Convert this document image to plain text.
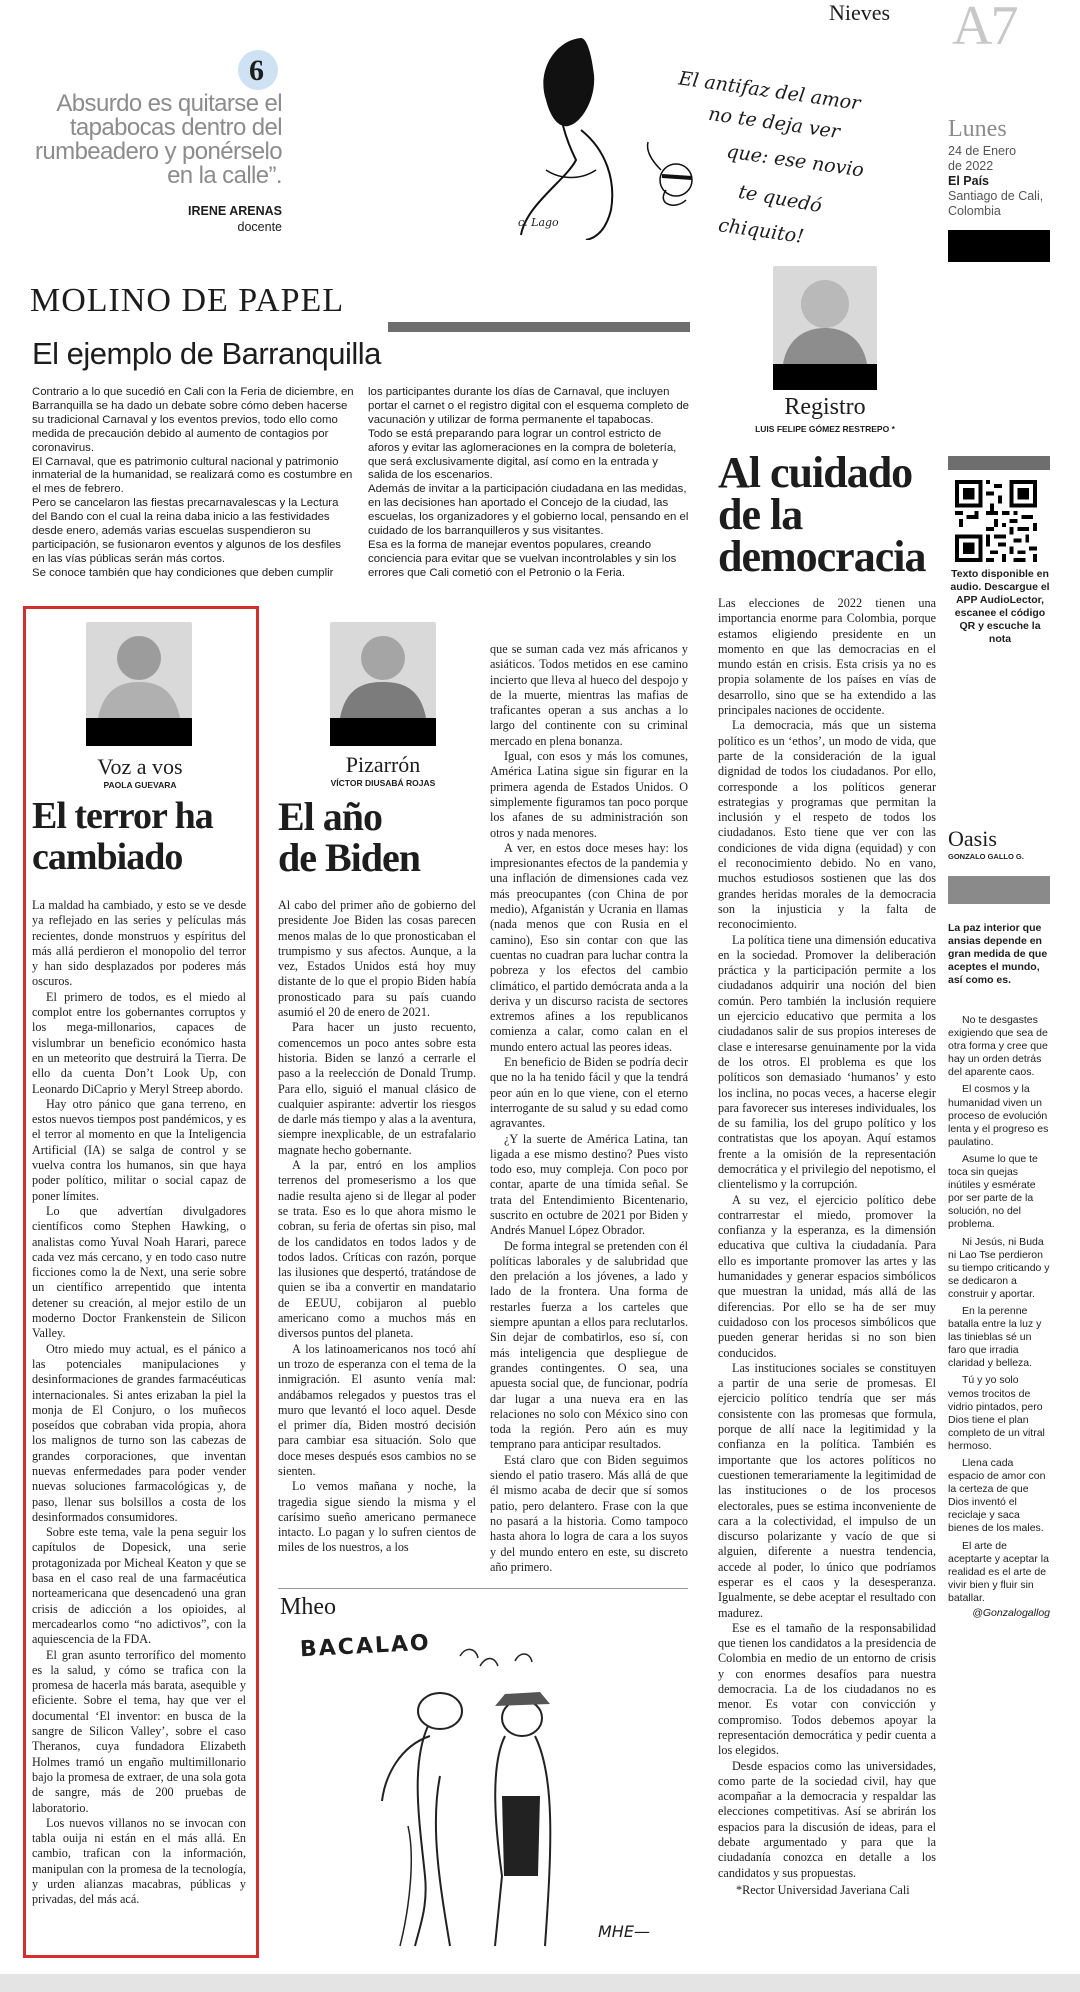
Nieves A7
6
Absurdo es quitarse el tapabocas dentro del rumbeadero y ponérselo en la calle”.
IRENE ARENAS
docente
El antifaz del amor
no te deja ver
que: ese novio
te quedó
chiquito!
c. Lago
Lunes
24 de Enero
de 2022
El País
Santiago de Cali,
Colombia
MOLINO DE PAPEL
El ejemplo de Barranquilla

Contrario a lo que sucedió en Cali con la Feria de diciembre, en Barranquilla se ha dado un debate sobre cómo deben hacerse su tradicional Carnaval y los eventos previos, todo ello como medida de precaución debido al aumento de contagios por coronavirus.

El Carnaval, que es patrimonio cultural nacional y patrimonio inmaterial de la humanidad, se realizará como es costumbre en el mes de febrero.

Pero se cancelaron las fiestas precarnavalescas y la Lectura del Bando con el cual la reina daba inicio a las festividades desde enero, además varias escuelas suspendieron su participación, se fusionaron eventos y algunos de los desfiles en las vías públicas serán más cortos.

Se conoce también que hay condiciones que deben cumplir

los participantes durante los días de Carnaval, que incluyen portar el carnet o el registro digital con el esquema completo de vacunación y utilizar de forma permanente el tapabocas.

Todo se está preparando para lograr un control estricto de aforos y evitar las aglomeraciones en la compra de boletería, que será exclusivamente digital, así como en la entrada y salida de los escenarios.

Además de invitar a la participación ciudadana en las medidas, en las decisiones han aportado el Concejo de la ciudad, las escuelas, los organizadores y el gobierno local, pensando en el cuidado de los barranquilleros y sus visitantes.

Esa es la forma de manejar eventos populares, creando conciencia para evitar que se vuelvan incontrolables y sin los errores que Cali cometió con el Petronio o la Feria.

Registro
LUIS FELIPE GÓMEZ RESTREPO *
Al cuidado
de la
democracia

Las elecciones de 2022 tienen una importancia enorme para Colombia, porque estamos eligiendo presidente en un momento en que las democracias en el mundo están en crisis. Esta crisis ya no es propia solamente de los países en vías de desarrollo, sino que se ha extendido a las principales naciones de occidente.

La democracia, más que un sistema político es un ‘ethos’, un modo de vida, que parte de la consideración de la igual dignidad de todos los ciudadanos. Por ello, corresponde a los políticos generar estrategias y programas que permitan la inclusión y el respeto de todos los ciudadanos. Esto tiene que ver con las condiciones de vida digna (equidad) y con el reconocimiento debido. No en vano, muchos estudiosos sostienen que las dos grandes heridas morales de la democracia son la injusticia y la falta de reconocimiento.

La política tiene una dimensión educativa en la sociedad. Promover la deliberación práctica y la participación permite a los ciudadanos adquirir una noción del bien común. Pero también la inclusión requiere un ejercicio educativo que permita a los ciudadanos salir de sus propios intereses de clase e interesarse genuinamente por la vida de los otros. El problema es que los políticos son demasiado ‘humanos’ y esto los inclina, no pocas veces, a hacerse elegir para favorecer sus intereses individuales, los de su familia, los del grupo político y los contratistas que los apoyan. Aquí estamos frente a la omisión de la representación democrática y el privilegio del nepotismo, el clientelismo y la corrupción.

A su vez, el ejercicio político debe contrarrestar el miedo, promover la confianza y la esperanza, es la dimensión educativa que cultiva la ciudadanía. Para ello es importante promover las artes y las humanidades y generar espacios simbólicos que muestran la unidad, más allá de las diferencias. Por ello se ha de ser muy cuidadoso con los procesos simbólicos que pueden generar heridas si no son bien conducidos.

Las instituciones sociales se constituyen a partir de una serie de promesas. El ejercicio político tendría que ser más consistente con las promesas que formula, porque de allí nace la legitimidad y la confianza en la política. También es importante que los actores políticos no cuestionen temerariamente la legitimidad de las instituciones o de los procesos electorales, pues se estima inconveniente de cara a la colectividad, el impulso de un discurso polarizante y vacío de que si alguien, diferente a nuestra tendencia, accede al poder, lo único que podríamos esperar es el caos y la desesperanza. Igualmente, se debe aceptar el resultado con madurez.

Ese es el tamaño de la responsabilidad que tienen los candidatos a la presidencia de Colombia en medio de un entorno de crisis y con enormes desafíos para nuestra democracia. La de los ciudadanos no es menor. Es votar con convicción y compromiso. Todos debemos apoyar la representación democrática y pedir cuenta a los elegidos.

Desde espacios como las universidades, como parte de la sociedad civil, hay que acompañar a la democracia y respaldar las elecciones competitivas. Así se abrirán los espacios para la discusión de ideas, para el debate argumentado y para que la ciudadanía conozca en detalle a los candidatos y sus propuestas.

*Rector Universidad Javeriana Cali
Texto disponible en
audio. Descargue el
APP AudioLector,
escanee el código
QR y escuche la
nota
Oasis
GONZALO GALLO G.
La paz interior que ansias depende en gran medida de que aceptes el mundo, así como es.

No te desgastes exigiendo que sea de otra forma y cree que hay un orden detrás del aparente caos.

El cosmos y la humanidad viven un proceso de evolución lenta y el progreso es paulatino.

Asume lo que te toca sin quejas inútiles y esmérate por ser parte de la solución, no del problema.

Ni Jesús, ni Buda ni Lao Tse perdieron su tiempo criticando y se dedicaron a construir y aportar.

En la perenne batalla entre la luz y las tinieblas sé un faro que irradia claridad y belleza.

Tú y yo solo vemos trocitos de vidrio pintados, pero Dios tiene el plan completo de un vitral hermoso.

Llena cada espacio de amor con la certeza de que Dios inventó el reciclaje y saca bienes de los males.

El arte de aceptarte y aceptar la realidad es el arte de vivir bien y fluir sin batallar.

@Gonzalogallog
Voz a vos
PAOLA GUEVARA
El terror ha
cambiado

La maldad ha cambiado, y esto se ve desde ya reflejado en las series y películas más recientes, donde monstruos y espíritus del más allá perdieron el monopolio del terror y han sido desplazados por poderes más oscuros.

El primero de todos, es el miedo al complot entre los gobernantes corruptos y los mega-millonarios, capaces de vislumbrar un beneficio económico hasta en un meteorito que destruirá la Tierra. De ello da cuenta Don’t Look Up, con Leonardo DiCaprio y Meryl Streep abordo.

Hay otro pánico que gana terreno, en estos nuevos tiempos post pandémicos, y es el terror al momento en que la Inteligencia Artificial (IA) se salga de control y se vuelva contra los humanos, sin que haya poder político, militar o social capaz de poner límites.

Lo que advertían divulgadores científicos como Stephen Hawking, o analistas como Yuval Noah Harari, parece cada vez más cercano, y en todo caso nutre ficciones como la de Next, una serie sobre un científico arrepentido que intenta detener su creación, al mejor estilo de un moderno Doctor Frankenstein de Silicon Valley.

Otro miedo muy actual, es el pánico a las potenciales manipulaciones y desinformaciones de grandes farmacéuticas internacionales. Si antes erizaban la piel la monja de El Conjuro, o los muñecos poseídos que cobraban vida propia, ahora los malignos de turno son las cabezas de grandes corporaciones, que inventan nuevas enfermedades para poder vender nuevas soluciones farmacológicas y, de paso, llenar sus bolsillos a costa de los desinformados consumidores.

Sobre este tema, vale la pena seguir los capítulos de Dopesick, una serie protagonizada por Micheal Keaton y que se basa en el caso real de una farmacéutica norteamericana que desencadenó una gran crisis de adicción a los opioides, al mercadearlos como “no adictivos”, con la aquiescencia de la FDA.

El gran asunto terrorífico del momento es la salud, y cómo se trafica con la promesa de hacerla más barata, asequible y eficiente. Sobre el tema, hay que ver el documental ‘El inventor: en busca de la sangre de Silicon Valley’, sobre el caso Theranos, cuya fundadora Elizabeth Holmes tramó un engaño multimillonario bajo la promesa de extraer, de una sola gota de sangre, más de 200 pruebas de laboratorio.

Los nuevos villanos no se invocan con tabla ouija ni están en el más allá. En cambio, trafican con la información, manipulan con la promesa de la tecnología, y urden alianzas macabras, públicas y privadas, del más acá.

Pizarrón
VÍCTOR DIUSABÁ ROJAS
El año
de Biden

Al cabo del primer año de gobierno del presidente Joe Biden las cosas parecen menos malas de lo que pronosticaban el trumpismo y sus afectos. Aunque, a la vez, Estados Unidos está hoy muy distante de lo que el propio Biden había pronosticado para su país cuando asumió el 20 de enero de 2021.

Para hacer un justo recuento, comencemos un poco antes sobre esta historia. Biden se lanzó a cerrarle el paso a la reelección de Donald Trump. Para ello, siguió el manual clásico de cualquier aspirante: advertir los riesgos de darle más tiempo y alas a la aventura, siempre inexplicable, de un estrafalario magnate hecho gobernante.

A la par, entró en los amplios terrenos del promeserismo a los que nadie resulta ajeno si de llegar al poder se trata. Eso es lo que ahora mismo le cobran, su feria de ofertas sin piso, mal de los candidatos en todos lados y de todos lados. Críticas con razón, porque las ilusiones que despertó, tratándose de quien se iba a convertir en mandatario de EEUU, cobijaron al pueblo americano como a muchos más en diversos puntos del planeta.

A los latinoamericanos nos tocó ahí un trozo de esperanza con el tema de la inmigración. El asunto venía mal: andábamos relegados y puestos tras el muro que levantó el loco aquel. Desde el primer día, Biden mostró decisión para cambiar esa situación. Solo que doce meses después esos cambios no se sienten.

Lo vemos mañana y noche, la tragedia sigue siendo la misma y el carísimo sueño americano permanece intacto. Lo pagan y lo sufren cientos de miles de los nuestros, a los

que se suman cada vez más africanos y asiáticos. Todos metidos en ese camino incierto que lleva al hueco del despojo y de la muerte, mientras las mafias de traficantes operan a sus anchas a lo largo del continente con su criminal mercado en plena bonanza.

Igual, con esos y más los comunes, América Latina sigue sin figurar en la primera agenda de Estados Unidos. O simplemente figuramos tan poco porque los afanes de su administración son otros y nada menores.

A ver, en estos doce meses hay: los impresionantes efectos de la pandemia y una inflación de dimensiones cada vez más preocupantes (con China de por medio), Afganistán y Ucrania en llamas (nada menos que con Rusia en el camino), Eso sin contar con que las cuentas no cuadran para luchar contra la pobreza y los efectos del cambio climático, el partido demócrata anda a la deriva y un discurso racista de sectores extremos afines a los republicanos comienza a calar, como calan en el mundo entero actual las peores ideas.

En beneficio de Biden se podría decir que no la ha tenido fácil y que la tendrá peor aún en lo que viene, con el eterno interrogante de su salud y su edad como agravantes.

¿Y la suerte de América Latina, tan ligada a ese mismo destino? Pues visto todo eso, muy compleja. Con poco por contar, aparte de una tímida señal. Se trata del Entendimiento Bicentenario, suscrito en octubre de 2021 por Biden y Andrés Manuel López Obrador.

De forma integral se pretenden con él políticas laborales y de salubridad que den prelación a los jóvenes, a lado y lado de la frontera. Una forma de restarles fuerza a los carteles que siempre apuntan a ellos para reclutarlos. Sin dejar de combatirlos, eso sí, con más inteligencia que despliegue de grandes contingentes. O sea, una apuesta social que, de funcionar, podría dar lugar a una nueva era en las relaciones no solo con México sino con toda la región. Pero aún es muy temprano para anticipar resultados.

Está claro que con Biden seguimos siendo el patio trasero. Más allá de que él mismo acaba de decir que sí somos patio, pero delantero. Frase con la que no pasará a la historia. Como tampoco hasta ahora lo logra de cara a los suyos y del mundo entero en este, su discreto año primero.

Mheo
BACALAO
MHE—
